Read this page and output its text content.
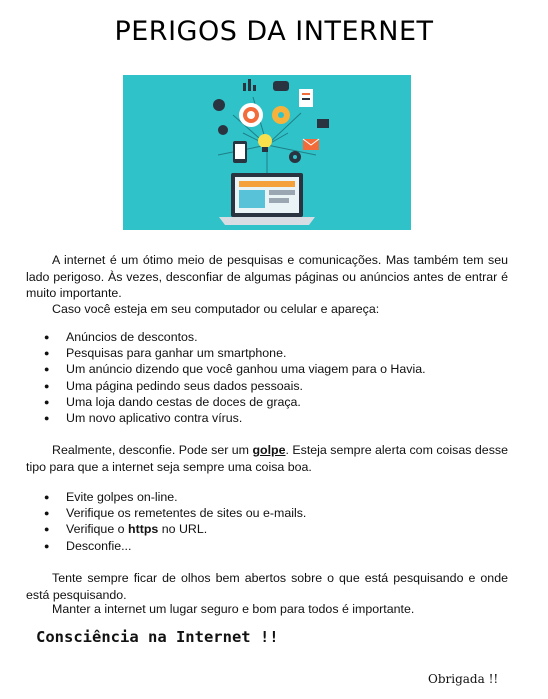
PERIGOS DA INTERNET
A internet é um ótimo meio de pesquisas e comunicações. Mas também tem seu lado perigoso. Às vezes, desconfiar de algumas páginas ou anúncios antes de entrar é muito importante.
Caso você esteja em seu computador ou celular e apareça:
● Anúncios de descontos.
● Pesquisas para ganhar um smartphone.
● Um anúncio dizendo que você ganhou uma viagem para o Havia.
● Uma página pedindo seus dados pessoais.
● Uma loja dando cestas de doces de graça.
● Um novo aplicativo contra vírus.
Realmente, desconfie. Pode ser um golpe. Esteja sempre alerta com coisas desse tipo para que a internet seja sempre uma coisa boa.
● Evite golpes on-line.
● Verifique os remetentes de sites ou e-mails.
● Verifique o https no URL.
● Desconfie...
Tente sempre ficar de olhos bem abertos sobre o que está pesquisando e onde está pesquisando.
Manter a internet um lugar seguro e bom para todos é importante.
Consciência na Internet !!
Obrigada !!
